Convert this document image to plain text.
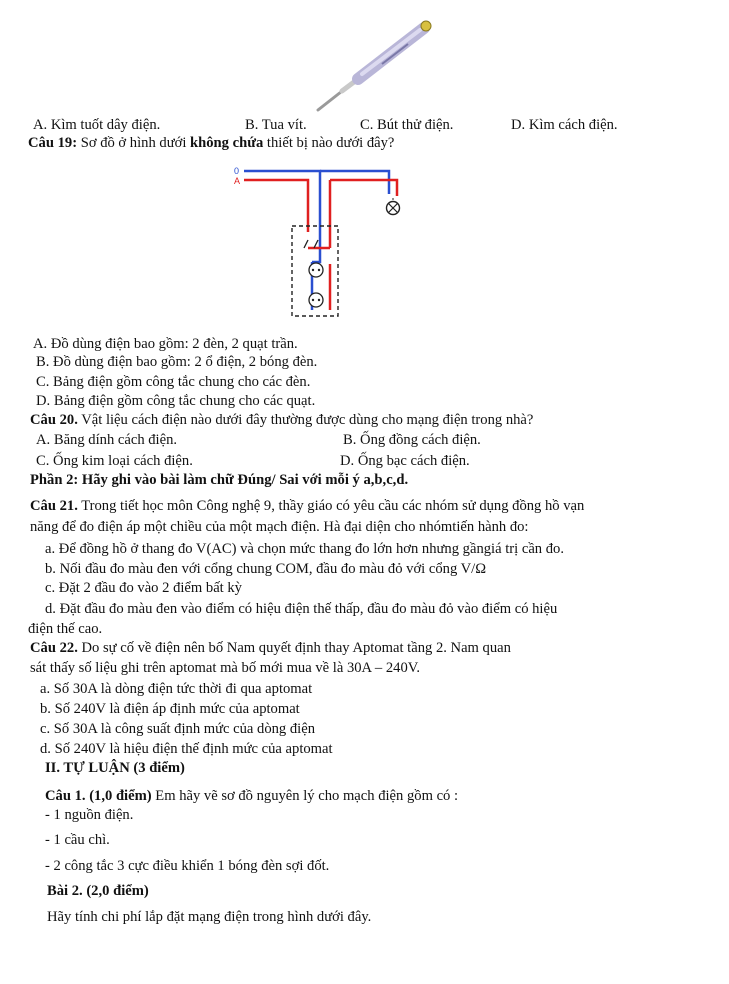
A. Kìm tuốt dây điện.	B. Tua vít.	C. Bút thử điện.	D. Kìm cách điện.
Câu 19: Sơ đồ ở hình dưới không chứa thiết bị nào dưới đây?
0
A
A. Đồ dùng điện bao gồm: 2 đèn, 2 quạt trần.
B. Đồ dùng điện bao gồm: 2 ổ điện, 2 bóng đèn.
C. Bảng điện gồm công tắc chung cho các đèn.
D. Bảng điện gồm công tắc chung cho các quạt.
Câu 20. Vật liệu cách điện nào dưới đây thường được dùng cho mạng điện trong nhà?
A. Băng dính cách điện.	B. Ống đồng cách điện.
C. Ống kim loại cách điện.	D. Ống bạc cách điện.
Phần 2: Hãy ghi vào bài làm chữ Đúng/ Sai với mỗi ý a,b,c,d.
Câu 21. Trong tiết học môn Công nghệ 9, thầy giáo có yêu cầu các nhóm sử dụng đồng hồ vạn
năng để đo điện áp một chiều của một mạch điện. Hà đại diện cho nhómtiến hành đo:
a. Để đồng hồ ở thang đo V(AC) và chọn mức thang đo lớn hơn nhưng gầngiá trị cần đo.
b. Nối đầu đo màu đen với cổng chung COM, đầu đo màu đỏ với cổng V/Ω
c. Đặt 2 đầu đo vào 2 điểm bất kỳ
d. Đặt đầu đo màu đen vào điểm có hiệu điện thế thấp, đầu đo màu đỏ vào điểm có hiệu
điện thế cao.
Câu 22. Do sự cố về điện nên bố Nam quyết định thay Aptomat tầng 2. Nam quan
sát thấy số liệu ghi trên aptomat mà bố mới mua về là 30A – 240V.
a. Số 30A là dòng điện tức thời đi qua aptomat
b. Số 240V là điện áp định mức của aptomat
c. Số 30A là công suất định mức của dòng điện
d. Số 240V là hiệu điện thế định mức của aptomat
II. TỰ LUẬN (3 điểm)
Câu 1. (1,0 điểm) Em hãy vẽ sơ đồ nguyên lý cho mạch điện gồm có :
- 1 nguồn điện.
- 1 cầu chì.
- 2 công tắc 3 cực điều khiển 1 bóng đèn sợi đốt.
Bài 2. (2,0 điểm)
Hãy tính chi phí lắp đặt mạng điện trong hình dưới đây.
